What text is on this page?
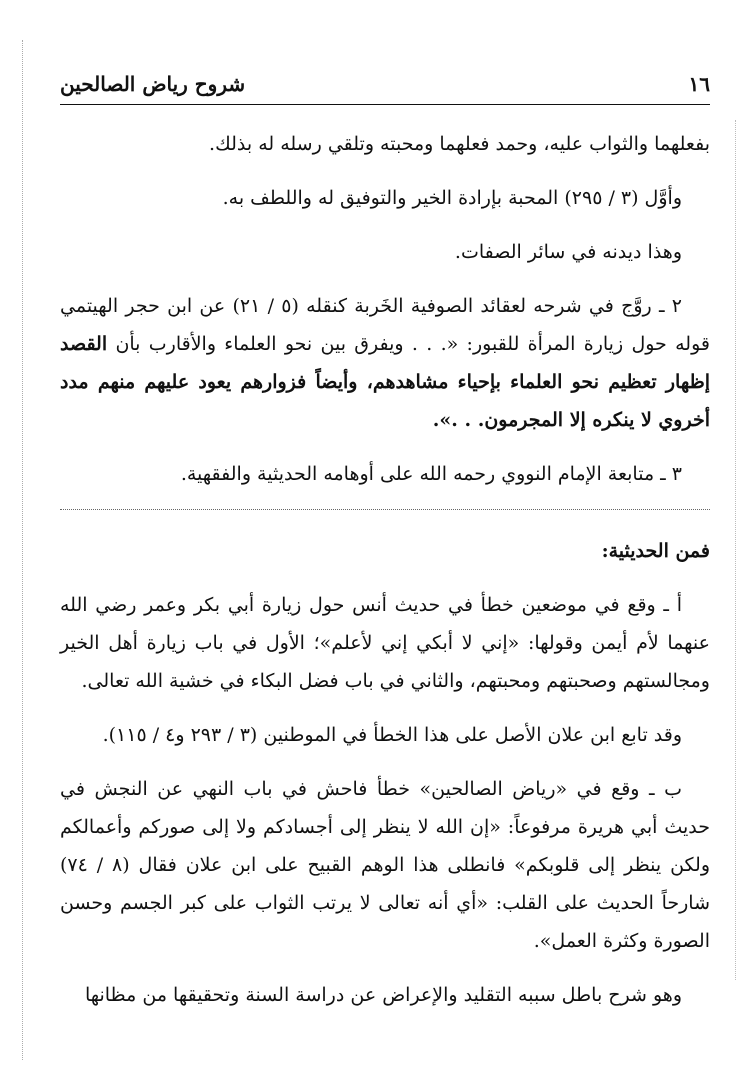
١٦
شروح رياض الصالحين

بفعلهما والثواب عليه، وحمد فعلهما ومحبته وتلقي رسله له بذلك.

وأوَّل (٣ / ٢٩٥) المحبة بإرادة الخير والتوفيق له واللطف به.

وهذا ديدنه في سائر الصفات.

٢ ـ روَّج في شرحه لعقائد الصوفية الخَربة كنقله (٥ / ٢١) عن ابن حجر الهيتمي قوله حول زيارة المرأة للقبور: «. . . ويفرق بين نحو العلماء والأقارب بأن القصد إظهار تعظيم نحو العلماء بإحياء مشاهدهم، وأيضاً فزوارهم يعود عليهم منهم مدد أخروي لا ينكره إلا المجرمون. . .».

٣ ـ متابعة الإمام النووي رحمه الله على أوهامه الحديثية والفقهية.

فمن الحديثية:

أ ـ وقع في موضعين خطأ في حديث أنس حول زيارة أبي بكر وعمر رضي الله عنهما لأم أيمن وقولها: «إني لا أبكي إني لأعلم»؛ الأول في باب زيارة أهل الخير ومجالستهم وصحبتهم ومحبتهم، والثاني في باب فضل البكاء في خشية الله تعالى.

وقد تابع ابن علان الأصل على هذا الخطأ في الموطنين (٣ / ٢٩٣ و٤ / ١١٥).

ب ـ وقع في «رياض الصالحين» خطأ فاحش في باب النهي عن النجش في حديث أبي هريرة مرفوعاً: «إن الله لا ينظر إلى أجسادكم ولا إلى صوركم وأعمالكم ولكن ينظر إلى قلوبكم» فانطلى هذا الوهم القبيح على ابن علان فقال (٨ / ٧٤) شارحاً الحديث على القلب: «أي أنه تعالى لا يرتب الثواب على كبر الجسم وحسن الصورة وكثرة العمل».

وهو شرح باطل سببه التقليد والإعراض عن دراسة السنة وتحقيقها من مظانها
